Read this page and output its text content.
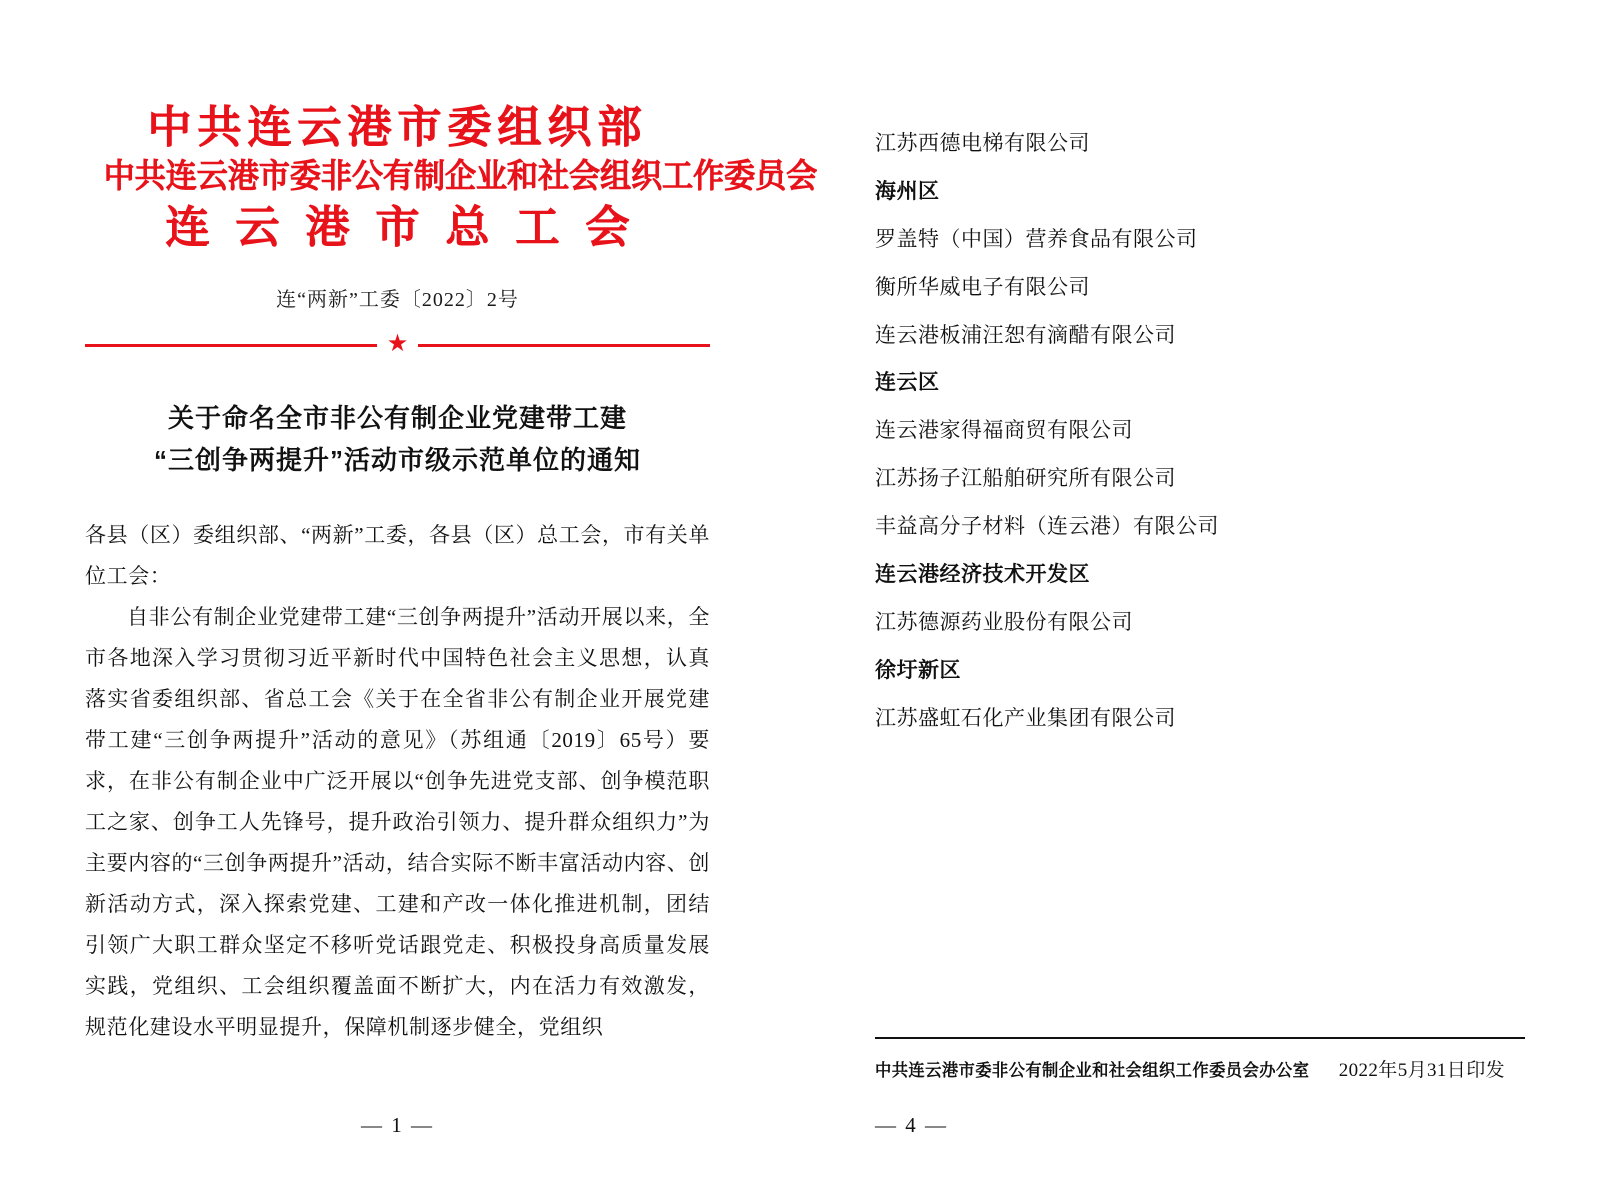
中共连云港市委组织部
中共连云港市委非公有制企业和社会组织工作委员会
连云港市总工会
连“两新”工委〔2022〕2号
★
关于命名全市非公有制企业党建带工建
“三创争两提升”活动市级示范单位的通知

各县（区）委组织部、“两新”工委，各县（区）总工会，市有关单位工会：

自非公有制企业党建带工建“三创争两提升”活动开展以来，全市各地深入学习贯彻习近平新时代中国特色社会主义思想，认真落实省委组织部、省总工会《关于在全省非公有制企业开展党建带工建“三创争两提升”活动的意见》（苏组通〔2019〕65号）要求，在非公有制企业中广泛开展以“创争先进党支部、创争模范职工之家、创争工人先锋号，提升政治引领力、提升群众组织力”为主要内容的“三创争两提升”活动，结合实际不断丰富活动内容、创新活动方式，深入探索党建、工建和产改一体化推进机制，团结引领广大职工群众坚定不移听党话跟党走、积极投身高质量发展实践，党组织、工会组织覆盖面不断扩大，内在活力有效激发，规范化建设水平明显提升，保障机制逐步健全，党组织

— 1 —
江苏西德电梯有限公司
海州区
罗盖特（中国）营养食品有限公司
衡所华威电子有限公司
连云港板浦汪恕有滴醋有限公司
连云区
连云港家得福商贸有限公司
江苏扬子江船舶研究所有限公司
丰益高分子材料（连云港）有限公司
连云港经济技术开发区
江苏德源药业股份有限公司
徐圩新区
江苏盛虹石化产业集团有限公司
中共连云港市委非公有制企业和社会组织工作委员会办公室 2022年5月31日印发
— 4 —
